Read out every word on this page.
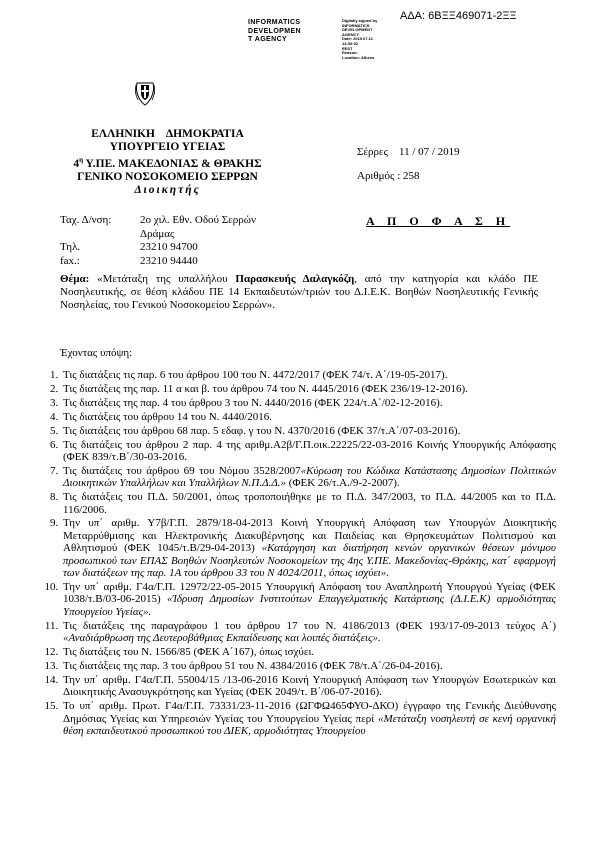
ΑΔΑ: 6ΒΞΞ469071-2ΞΞ
INFORMATICS
DEVELOPMEN
T AGENCY
Digitally signed by
INFORMATICS
DEVELOPMENT AGENCY
Date: 2019.07.11 14:30:02
EEST
Reason:
Location: Athens
ΕΛΛΗΝΙΚΗ    ΔΗΜΟΚΡΑΤΙΑ
ΥΠΟΥΡΓΕΙΟ ΥΓΕΙΑΣ
$4^\eta$ Υ.ΠΕ. ΜΑΚΕΔΟΝΙΑΣ & ΘΡΑΚΗΣ
ΓΕΝΙΚΟ ΝΟΣΟΚΟΜΕΙΟ ΣΕΡΡΩΝ
Διοικητής
Σέρρες    11 / 07 / 2019
Αριθμός : 258
Ταχ. Δ/νση:	2ο χιλ. Εθν. Οδού Σερρών
Δράμας
Τηλ.	23210 94700
fax.:	23210 94440
Α Π Ο Φ Α Σ Η
Θέμα: «Μετάταξη της υπαλλήλου Παρασκευής Δαλαγκόζη, από την κατηγορία και κλάδο ΠΕ Νοσηλευτικής, σε θέση κλάδου ΠΕ 14 Εκπαιδευτών/τριών του Δ.Ι.Ε.Κ. Βοηθών Νοσηλευτικής Γενικής Νοσηλείας, του Γενικού Νοσοκομείου Σερρών».
Έχοντας υπόψη:
1. Τις διατάξεις τις παρ. 6 του άρθρου 100 του Ν. 4472/2017 (ΦΕΚ 74/τ. Α΄/19-05-2017).
2. Τις διατάξεις της παρ. 11 α και β. του άρθρου 74 του Ν. 4445/2016 (ΦΕΚ 236/19-12-2016).
3. Τις διατάξεις της παρ. 4 του άρθρου 3 του Ν. 4440/2016 (ΦΕΚ 224/τ.Α΄/02-12-2016).
4. Τις διατάξεις του άρθρου 14 του Ν. 4440/2016.
5. Τις διατάξεις του άρθρου 68 παρ. 5 εδαφ. γ του Ν. 4370/2016 (ΦΕΚ 37/τ.Α΄/07-03-2016).
6. Τις διατάξεις του άρθρου 2 παρ. 4 της αριθμ.Α2β/Γ.Π.οικ.22225/22-03-2016 Κοινής Υπουργικής Απόφασης (ΦΕΚ 839/τ.Β΄/30-03-2016.
7. Τις διατάξεις του άρθρου 69 του Νόμου 3528/2007«Κύρωση του Κώδικα Κατάστασης Δημοσίων Πολιτικών Διοικητικών Υπαλλήλων και Υπαλλήλων Ν.Π.Δ.Δ.» (ΦΕΚ 26/τ.Α./9-2-2007).
8. Τις διατάξεις του Π.Δ. 50/2001, όπως τροποποιήθηκε με το Π.Δ. 347/2003, το Π.Δ. 44/2005 και το Π.Δ. 116/2006.
9. Την υπ΄ αριθμ. Υ7β/Γ.Π. 2879/18-04-2013 Κοινή Υπουργική Απόφαση των Υπουργών Διοικητικής Μεταρρύθμισης και Ηλεκτρονικής Διακυβέρνησης και Παιδείας και Θρησκευμάτων Πολιτισμού και Αθλητισμού (ΦΕΚ 1045/τ.Β/29-04-2013) «Κατάργηση και διατήρηση κενών οργανικών θέσεων μόνιμου προσωπικού των ΕΠΑΣ Βοηθών Νοσηλευτών Νοσοκομείων της 4ης Υ.ΠΕ. Μακεδονίας-Θράκης, κατ΄ εφαρμογή των διατάξεων της παρ. 1Α του άρθρου 33 του Ν 4024/2011, όπως ισχύει».
10. Την υπ΄ αριθμ. Γ4α/Γ.Π. 12972/22-05-2015 Υπουργική Απόφαση του Αναπληρωτή Υπουργού Υγείας (ΦΕΚ 1038/τ.Β/03-06-2015) «Ίδρυση Δημοσίων Ινστιτούτων Επαγγελματικής Κατάρτισης (Δ.Ι.Ε.Κ) αρμοδιότητας Υπουργείου Υγείας».
11. Τις διατάξεις της παραγράφου 1 του άρθρου 17 του Ν. 4186/2013 (ΦΕΚ 193/17-09-2013 τεύχος Α΄) «Αναδιάρθρωση της Δευτεροβάθμιας Εκπαίδευσης και λοιπές διατάξεις».
12. Τις διατάξεις του Ν. 1566/85 (ΦΕΚ Α΄167), όπως ισχύει.
13. Τις διατάξεις της παρ. 3 του άρθρου 51 του Ν. 4384/2016 (ΦΕΚ 78/τ.Α΄/26-04-2016).
14. Την υπ΄ αριθμ. Γ4α/Γ.Π. 55004/15 /13-06-2016 Κοινή Υπουργική Απόφαση των Υπουργών Εσωτερικών και Διοικητικής Ανασυγκρότησης και Υγείας (ΦΕΚ 2049/τ. Β΄/06-07-2016).
15. Το υπ΄ αριθμ. Πρωτ. Γ4α/Γ.Π. 73331/23-11-2016 (ΩΓΦΩ465ΦΥΟ-ΔΚΟ) έγγραφο της Γενικής Διεύθυνσης Δημόσιας Υγείας και Υπηρεσιών Υγείας του Υπουργείου Υγείας περί «Μετάταξη νοσηλευτή σε κενή οργανική θέση εκπαιδευτικού προσωπικού του ΔΙΕΚ, αρμοδιότητας Υπουργείου
